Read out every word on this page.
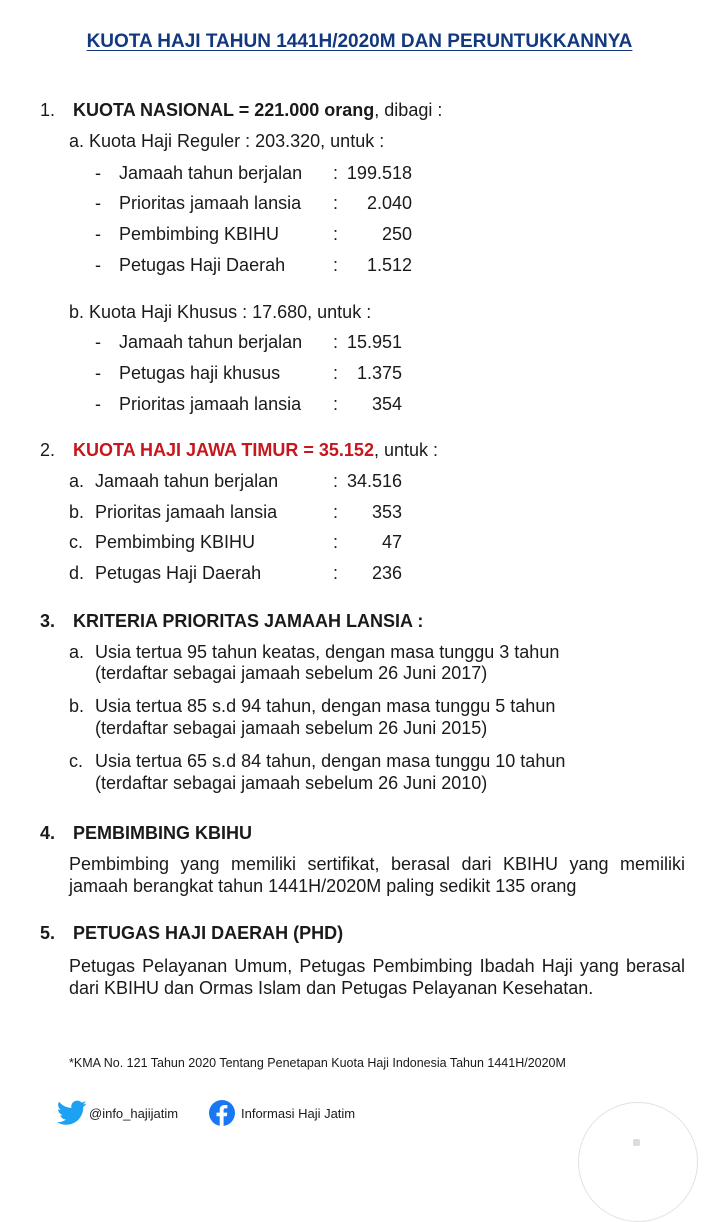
KUOTA HAJI TAHUN 1441H/2020M DAN PERUNTUKKANNYA
1. KUOTA NASIONAL = 221.000 orang, dibagi :
a. Kuota Haji Reguler : 203.320, untuk :
- Jamaah tahun berjalan : 199.518
- Prioritas jamaah lansia :	2.040
- Pembimbing KBIHU	:	250
- Petugas Haji Daerah	:	1.512
b. Kuota Haji Khusus : 17.680, untuk :
- Jamaah tahun berjalan : 15.951
- Petugas haji khusus	:	1.375
- Prioritas jamaah lansia :	354
2. KUOTA HAJI JAWA TIMUR = 35.152, untuk :
a. Jamaah tahun berjalan	: 34.516
b. Prioritas jamaah lansia	:	353
c. Pembimbing KBIHU	:	47
d. Petugas Haji Daerah	:	236
3. KRITERIA PRIORITAS JAMAAH LANSIA :
a. Usia tertua 95 tahun keatas, dengan masa tunggu 3 tahun
(terdaftar sebagai jamaah sebelum 26 Juni 2017)
b. Usia tertua 85 s.d 94 tahun, dengan masa tunggu 5 tahun
(terdaftar sebagai jamaah sebelum 26 Juni 2015)
c. Usia tertua 65 s.d 84 tahun, dengan masa tunggu 10 tahun
(terdaftar sebagai jamaah sebelum 26 Juni 2010)
4. PEMBIMBING KBIHU

Pembimbing yang memiliki sertifikat, berasal dari KBIHU yang memiliki jamaah berangkat tahun 1441H/2020M paling sedikit 135 orang

5. PETUGAS HAJI DAERAH (PHD)

Petugas Pelayanan Umum, Petugas Pembimbing Ibadah Haji yang berasal dari KBIHU dan Ormas Islam dan Petugas Pelayanan Kesehatan.

*KMA No. 121 Tahun 2020 Tentang Penetapan Kuota Haji Indonesia Tahun 1441H/2020M
@info_hajijatim	Informasi Haji Jatim
